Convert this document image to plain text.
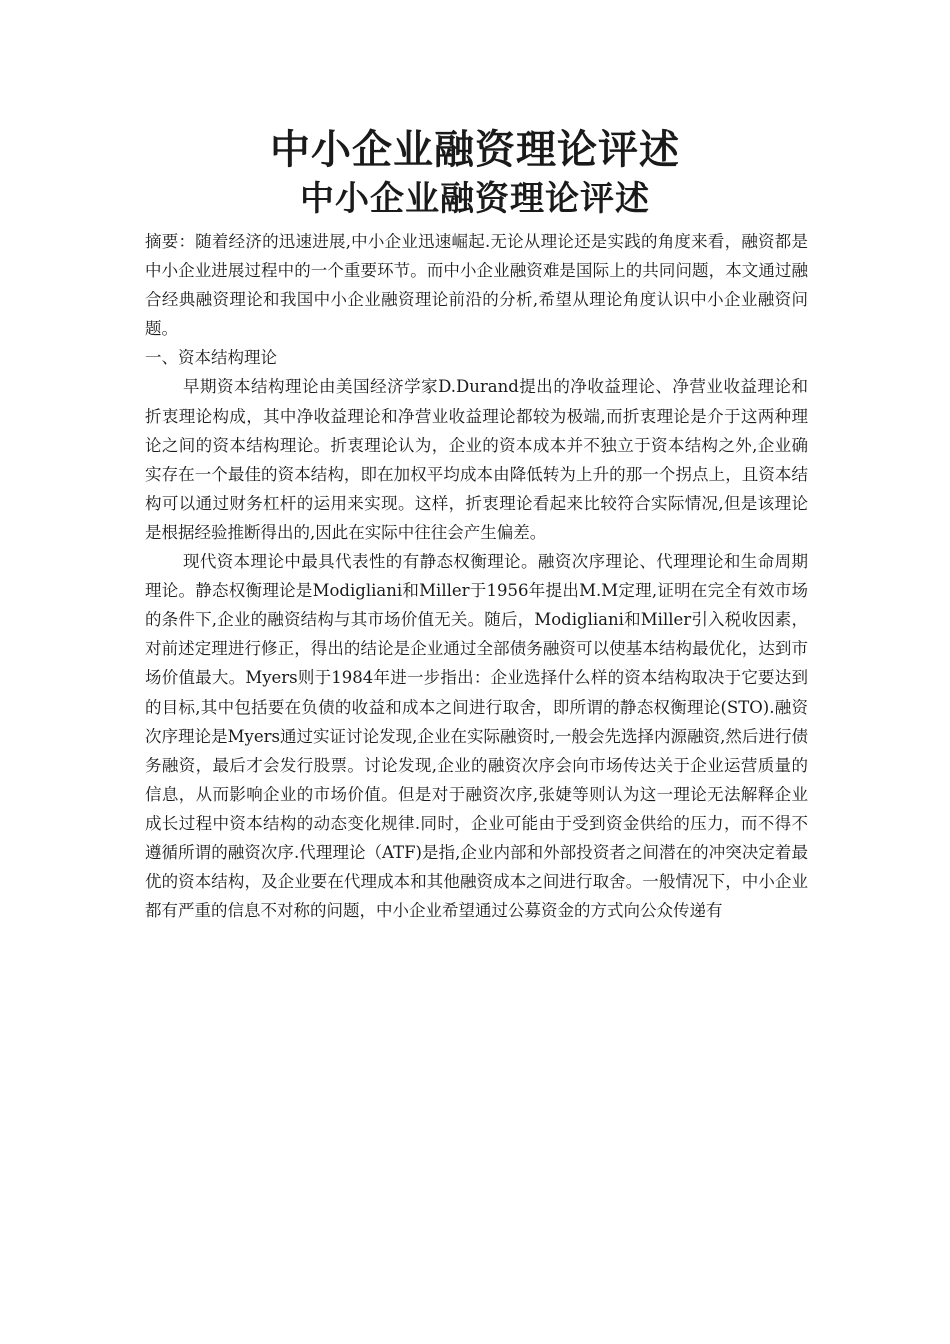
中小企业融资理论评述
中小企业融资理论评述

摘要：随着经济的迅速进展,中小企业迅速崛起.无论从理论还是实践的角度来看，融资都是中小企业进展过程中的一个重要环节。而中小企业融资难是国际上的共同问题，本文通过融合经典融资理论和我国中小企业融资理论前沿的分析,希望从理论角度认识中小企业融资问题。

一、资本结构理论

早期资本结构理论由美国经济学家D.Durand提出的净收益理论、净营业收益理论和折衷理论构成，其中净收益理论和净营业收益理论都较为极端,而折衷理论是介于这两种理论之间的资本结构理论。折衷理论认为，企业的资本成本并不独立于资本结构之外,企业确实存在一个最佳的资本结构，即在加权平均成本由降低转为上升的那一个拐点上，且资本结构可以通过财务杠杆的运用来实现。这样，折衷理论看起来比较符合实际情况,但是该理论是根据经验推断得出的,因此在实际中往往会产生偏差。

现代资本理论中最具代表性的有静态权衡理论。融资次序理论、代理理论和生命周期理论。静态权衡理论是Modigliani和Miller于1956年提出M.M定理,证明在完全有效市场的条件下,企业的融资结构与其市场价值无关。随后，Modigliani和Miller引入税收因素，对前述定理进行修正，得出的结论是企业通过全部债务融资可以使基本结构最优化，达到市场价值最大。Myers则于1984年进一步指出：企业选择什么样的资本结构取决于它要达到的目标,其中包括要在负债的收益和成本之间进行取舍，即所谓的静态权衡理论(STO).融资次序理论是Myers通过实证讨论发现,企业在实际融资时,一般会先选择内源融资,然后进行债务融资，最后才会发行股票。讨论发现,企业的融资次序会向市场传达关于企业运营质量的信息，从而影响企业的市场价值。但是对于融资次序,张婕等则认为这一理论无法解释企业成长过程中资本结构的动态变化规律.同时，企业可能由于受到资金供给的压力，而不得不遵循所谓的融资次序.代理理论（ATF)是指,企业内部和外部投资者之间潜在的冲突决定着最优的资本结构，及企业要在代理成本和其他融资成本之间进行取舍。一般情况下，中小企业都有严重的信息不对称的问题，中小企业希望通过公募资金的方式向公众传递有
